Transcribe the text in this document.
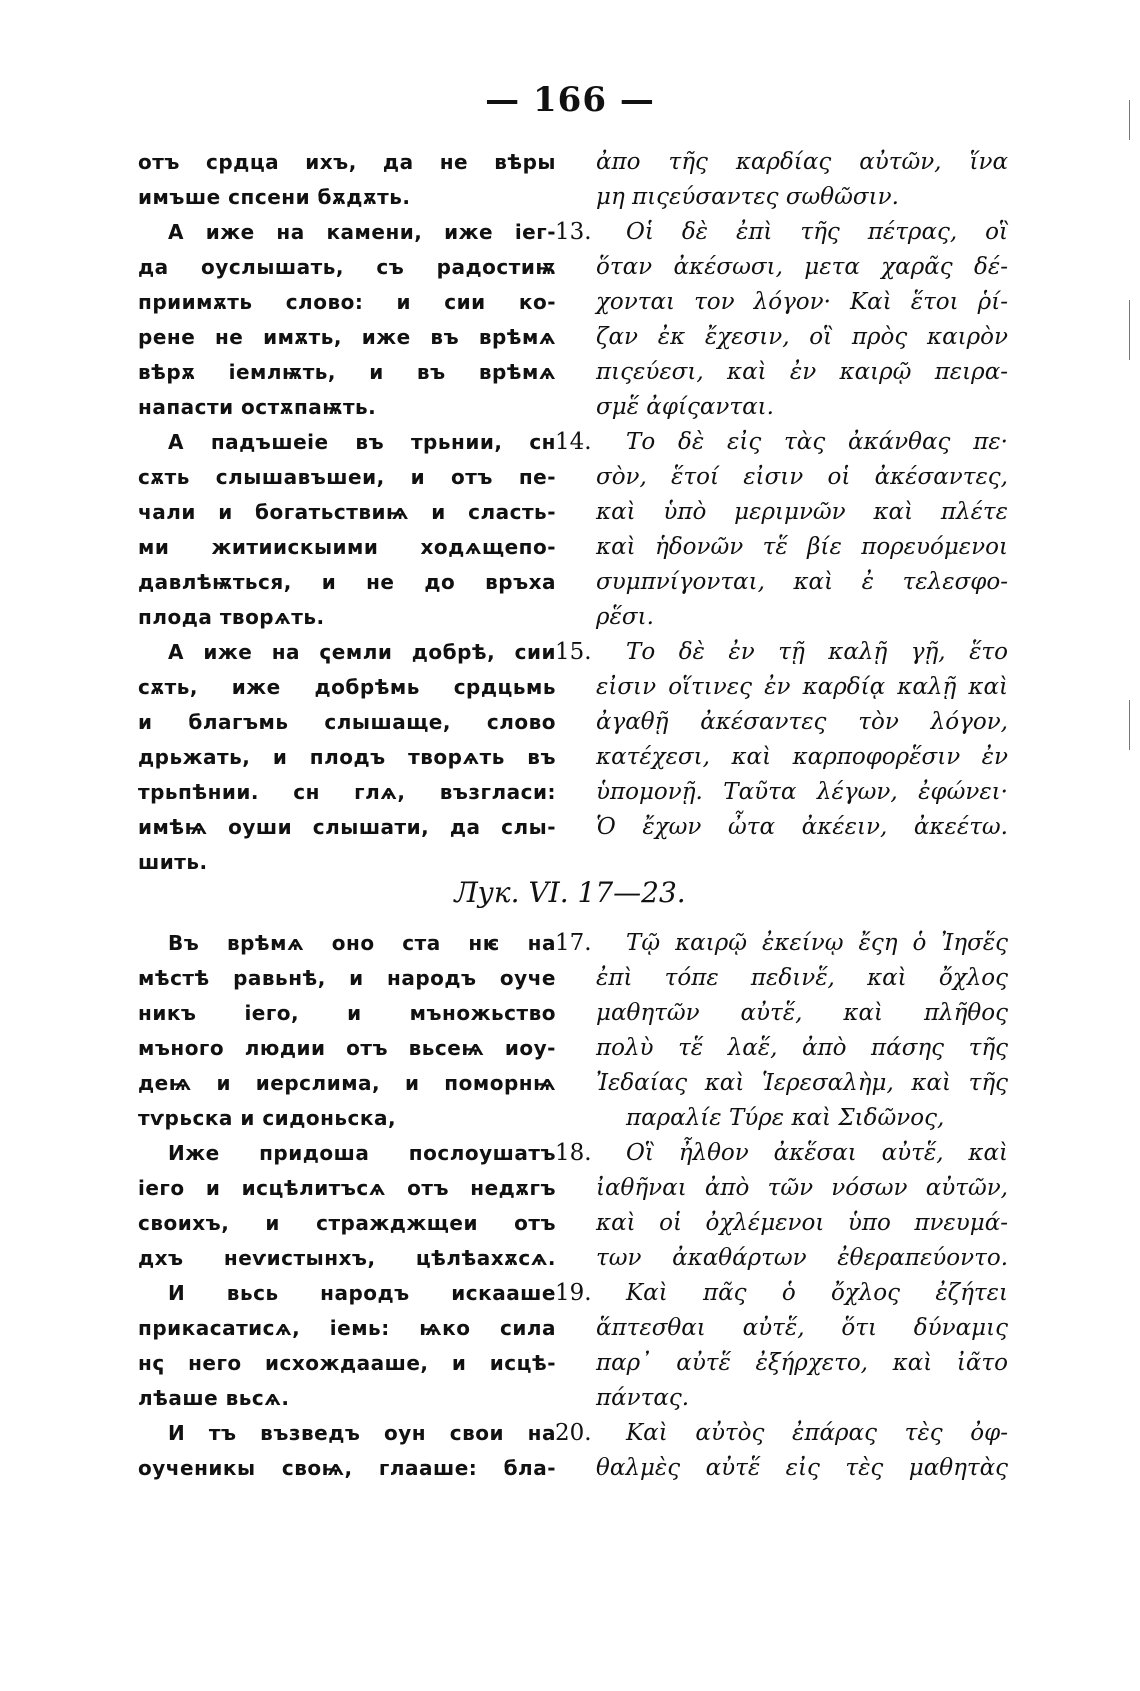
— 166 —
отъ срдца ихъ, да не вѣры
имъше спсени бѫдѫть.
А иже на камени, иже іег-
да оуслышать, съ радостиѭ
приимѫть слово: и сии ко-
рене не имѫть, иже въ врѣмѧ
вѣрѫ іемлѭть, и въ врѣмѧ
напасти остѫпаѭть.
А падъшеіе въ трьнии, сн
сѫть слышавъшеи, и отъ пе-
чали и богатьствиѩ и сласть-
ми житиискыими ходѧщепо-
давлѣѭться, и не до връха
плода творѧть.
А иже на ҁемли добрѣ, сии
сѫть, иже добрѣмь срдцьмь
и благъмь слышаще, слово
дрьжать, и плодъ творѧть въ
трьпѣнии. сн глѧ, възгласи:
имѣѩ оуши слышати, да слы-
шить.
13.
14.
15.
ἀπο τῆς καρδίας αὐτῶν, ἵνα
μη πιςεύσαντες σωθῶσιν.
Οἱ δὲ ἐπὶ τῆς πέτρας, οἳ
ὅταν ἀκέσωσι, μετα χαρᾶς δέ-
χονται τον λόγον· Καὶ ἕτοι ῥί-
ζαν ἐκ ἔχεσιν, οἳ πρὸς καιρὸν
πιςεύεσι, καὶ ἐν καιρῷ πειρα-
σμἕ ἀφίςανται.
Το δὲ εἰς τὰς ἀκάνθας πε·
σὸν, ἕτοί εἰσιν οἱ ἀκέσαντες,
καὶ ὑπὸ μεριμνῶν καὶ πλέτε
καὶ ἡδονῶν τἕ βίε πορευόμενοι
συμπνίγονται, καὶ ἐ τελεσφο-
ρἕσι.
Το δὲ ἐν τῇ καλῇ γῇ, ἕτο
εἰσιν οἵτινες ἐν καρδίᾳ καλῇ καὶ
ἀγαθῇ ἀκέσαντες τὸν λόγον,
κατέχεσι, καὶ καρποφορἕσιν ἐν
ὑπομονῇ. Ταῦτα λέγων, ἐφώνει·
Ὁ ἔχων ὦτα ἀκέειν, ἀκεέτω.
Лук. VI. 17—23.
Въ врѣмѧ оно ста нѥ на
мѣстѣ равьнѣ, и народъ оуче
никъ іего, и мъножьство
мъного людии отъ вьсеѩ иоу-
деѩ и иерслима, и поморнѩ
тѵрьска и сидоньска,
Иже придоша послоушатъ
іего и исцѣлитъсѧ отъ недѫгъ
своихъ, и стражджщеи отъ
дхъ неѵистынхъ, цѣлѣахѫсѧ.
И вьсь народъ искааше
прикасатисѧ, іемь: ѩко сила
нҁ него исхождааше, и исцѣ-
лѣаше вьсѧ.
И тъ възведъ оун свои на
оученикы своѩ, глааше: бла-
17.
18.
19.
20.
Τῷ καιρῷ ἐκείνῳ ἔςη ὁ Ἰησἕς
ἐπὶ τόπε πεδινἕ, καὶ ὄχλος
μαθητῶν αὐτἕ, καὶ πλῆθος
πολὺ τἕ λαἕ, ἀπὸ πάσης τῆς
Ἰεδαίας καὶ Ἱερεσαλὴμ, καὶ τῆς
παραλίε Τύρε καὶ Σιδῶνος,
Οἳ ἦλθον ἀκἕσαι αὐτἕ, καὶ
ἰαθῆναι ἀπὸ τῶν νόσων αὐτῶν,
καὶ οἱ ὀχλέμενοι ὑπο πνευμά-
των ἀκαθάρτων ἐθεραπεύοντο.
Καὶ πᾶς ὁ ὄχλος ἐζήτει
ἅπτεσθαι αὐτἕ, ὅτι δύναμις
παρ᾽ αὐτἕ ἐξήρχετο, καὶ ἰᾶτο
πάντας.
Καὶ αὐτὸς ἐπάρας τὲς ὀφ-
θαλμὲς αὐτἕ εἰς τὲς μαθητὰς
